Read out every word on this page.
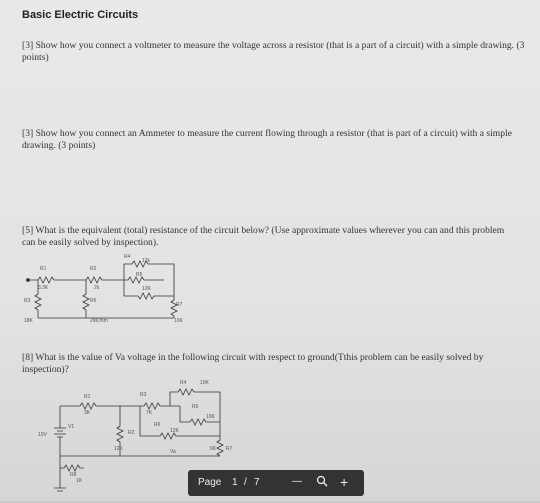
Basic Electric Circuits
[3] Show how you connect a voltmeter to measure the voltage across a resistor (that is a part of a circuit) with a simple drawing. (3 points)
[3] Show how you connect an Ammeter to measure the current flowing through a resistor (that is part of a circuit) with a simple drawing. (3 points)
[5] What is the equivalent (total) resistance of the circuit below? (Use approximate values wherever you can and this problem can be easily solved by inspection).
R1
3.3K
R2
2k
R4
12k
R5
12K
R3
18K
R6
2MOhm
R7
10K
[8] What is the value of Va voltage in the following circuit with respect to ground(Tthis problem can be easily solved by inspection)?
R1
3K
R3
7K
R4	10K
R5
10K
R6
12K
R2
12K	R7
6K
V1
10V
R8
1K
Va
Page 1 / 7	—	+
